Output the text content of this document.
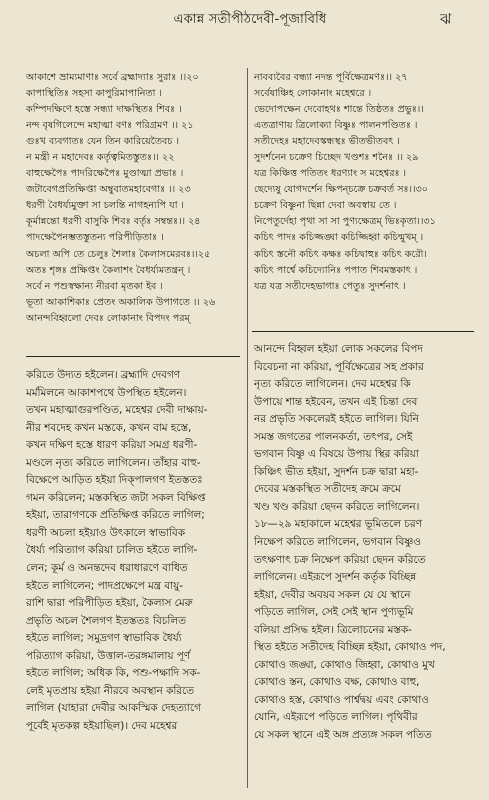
একান্ন সতীপীঠদেবী-পূজাবিধি	ঝ
আকাশে ভ্রাম্যমাণাঃ সর্বে ব্রহ্মাদ্যাঃ সুরাঃ ।।২০
কাপাস্থিতিঃ সহসা কাপুরিমাপানিতা ।
কম্পিদক্ষিণে হস্তে সন্ধ্যা দাক্ষস্থিতঃ শিবঃ ।
নন্দ বৃষগিলেন্দে মহাত্মা বণঃ পরিগ্রমণ ।। ২১
গুঃখ ব্যবগাতঃ যেন তিন কারিয়েতৈবচ ।
ন মন্ত্রী ন মহাদেবঃ কর্তৃত্বমিতস্তুতঃ।। ২২
বাহুক্ষেপৈঃ পাদরিক্ষেপৈঃ মুণ্ডাত্মা প্রভাঃ ।
জটাবেগপ্রতিক্ষিপ্তা অম্বুবাতমহাবেগাঃ ।। ২৩
ধরণী বৈধর্য্যমুক্তা সা চলন্তি নাগহন্যপি যা ।
কূর্মান্নন্তো ধরণী বাসুকি শিবঃ বর্তৃঃ সম্বন্তঃ।। ২৪
পাদক্ষেপৈনম্ভতস্তুতন্য পরিপীড়িতাঃ ।
অচলা অপি তে চেলুঃ শৈলাঃ কৈলাসমেরবঃ।।২৫
অতঃ শৃঙ্গঃ প্রক্ষিপ্তং কৈলাশং বৈধর্য্যমতন্ত্রন্ ।
সর্বে ন পশুস্বক্ষান্য নীরবা মৃতকা ইব ।
ভূতা আকাশিকাঃ প্রেতং অকালিক উপাগতে ।। ২৬
আনন্দবিহ্বলো দেবঃ লোকানাং বিপদং পরম্
নাবব্যবৈর বন্ধ্যা নদন্ত পূর্বিক্ষেত্রমণঃ।। ২৭
সর্বেষাঞ্চিহ লোকানাং মহেশ্বরে ।
ভেদোপক্ষেন দেবোহথঃ শান্তে তিষ্ঠতঃ প্রভুঃ।।
এতত্রাণায় ত্রিলোক্যা বিষ্ণুঃ পালনপণ্ডিতঃ ।
সতীদেহঃ মহাদেবস্কন্ধস্থঃ ভীতভীতবৎ ।
সুদর্শনেন চক্রেণ চিচ্ছেদ খণ্ডশঃ শনৈঃ ।। ২৯
যত্র কিঞ্চিত্ত পতিতং ধরণ্যাং স মহেশ্বরঃ ।
ছেদ্যেষু যোগদর্শেন ক্ষিপন্চক্রে চক্রবর্ত সঃ।।৩০
চক্রেণ বিষ্ণুনা ছিন্না দেবা অবস্বায় তে ।
নিপেতুর্দেহা পৃথা সা সা পুণ্যক্ষেত্রম্ ভিঃকৃতা।।৩১
কচিৎ পাদঃ কচিজ্জঙ্ঘা কচিজ্জিহ্বা কচিন্মুখম্ ।
কচিৎ স্তনৌ কচিৎ কক্ষঃ কচিদ্বাহুঃ কচিৎ করৌ।
কচিৎ পার্শ্বে কচিদ্যোনিঃ পপাত শিবমস্তকাৎ ।
যত্র যত্র সতীদেহভাগাঃ পেতুঃ সুদর্শনাৎ ।
করিতে উদ্যত হইলেন। ব্রহ্মাদি দেবগণ
মর্মমিলনে আকাশপথে উপস্থিত হইলেন।
তখন মহাত্মাগুরপণ্ডিত, মহেশ্বর দেবী দাক্ষায়-
নীর শবদেহ কখন মস্তকে, কখন বাম হস্তে,
কখন দক্ষিণ হস্তে ধারণ করিয়া সমগ্র ধরণী-
মণ্ডলে নৃত্য করিতে লাগিলেন। তাঁহার বাহু-
বিক্ষেপে আড়িত হইয়া দিক্‌পালগণ ইতস্ততঃ
গমন করিলেন; মস্তকস্থিত জটা সকল বিক্ষিপ্ত
হইয়া, তারাগণকে প্রতিক্ষিপ্ত করিতে লাগিল;
ধরণী অচলা হইয়াও উৎকালে স্বাভাবিক
ধৈর্য্য পরিত্যাগ করিয়া চালিত হইতে লাগি-
লেন; কূর্ম ও অনন্তদেব ধরাধারণে বাধিত
হইতে লাগিলেন; পাদপ্রক্ষেপে মন্ত্র বায়ু-
রাশি দ্বারা পরিপীড়িত হইয়া, কৈলাস মেরু
প্রভৃতি অচল শৈলগণ ইতস্ততঃ বিচলিত
হইতে লাগিল; সমুদ্রগণ স্বাভাবিক ধৈর্য্য
পরিত্যাগ করিয়া, উত্তাল-তরঙ্গমালায় পূর্ণ
হইতে লাগিল; অধিক কি, পশু-পক্ষাদি সক-
লেই মৃতপ্রায় হইয়া নীরবে অবস্থান করিতে
লাগিল (যাহারা দেবীর আকস্মিক দেহত্যাগে
পূর্বেই মৃতকল্প হইয়াছিল)। দেব মহেশ্বর
আনন্দে বিহ্বল হইয়া লোক সকলের বিপদ
বিবেচনা না করিয়া, পূর্বিক্ষেত্রের সহ প্রকার
নৃত্য করিতে লাগিলেন। দেব মহেশ্বর কি
উপায়ে শান্ত হইবেন, তখন এই চিন্তা দেব
নর প্রভৃতি সকলেরই হইতে লাগিল। যিনি
সমস্ত জগতের পালনকর্তা, তৎপর, সেই
ভগবান বিষ্ণু এ বিষয়ে উপায় স্থির করিয়া
কিঞ্চিৎ ভীত হইয়া, সুদর্শন চক্র দ্বারা মহা-
দেবের মস্তকস্থিত সতীদেহ ক্রমে ক্রমে
খণ্ড খণ্ড করিয়া ছেদন করিতে লাগিলেন।
১৮—২৯ মহাকালে মহেশ্বর ভূমিতলে চরণ
নিক্ষেপ করিতে লাগিলেন, ভগবান বিষ্ণুও
তৎক্ষণাৎ চক্র নিক্ষেপ করিয়া ছেদন করিতে
লাগিলেন। এইরূপে সুদর্শন কর্তৃক বিচ্ছিন্ন
হইয়া, দেবীর অবয়ব সকল যে যে স্থানে
পড়িতে লাগিল, সেই সেই স্থান পুণ্যভূমি
বলিয়া প্রসিদ্ধ হইল। ত্রিলোচনের মস্তক-
স্থিত হইতে সতীদেহ বিচ্ছিন্ন হইয়া, কোথাও পদ,
কোথাও জঙ্ঘা, কোথাও জিহ্বা, কোথাও মুখ
কোথাও স্তন, কোথাও বক্ষ, কোথাও বাহু,
কোথাও হস্ত, কোথাও পার্শ্বদ্বয় এবং কোথাও
যোনি, এইরূপে পড়িতে লাগিল। পৃথিবীর
যে সকল স্থানে এই অঙ্গ প্রত্যঙ্গ সকল পতিত
